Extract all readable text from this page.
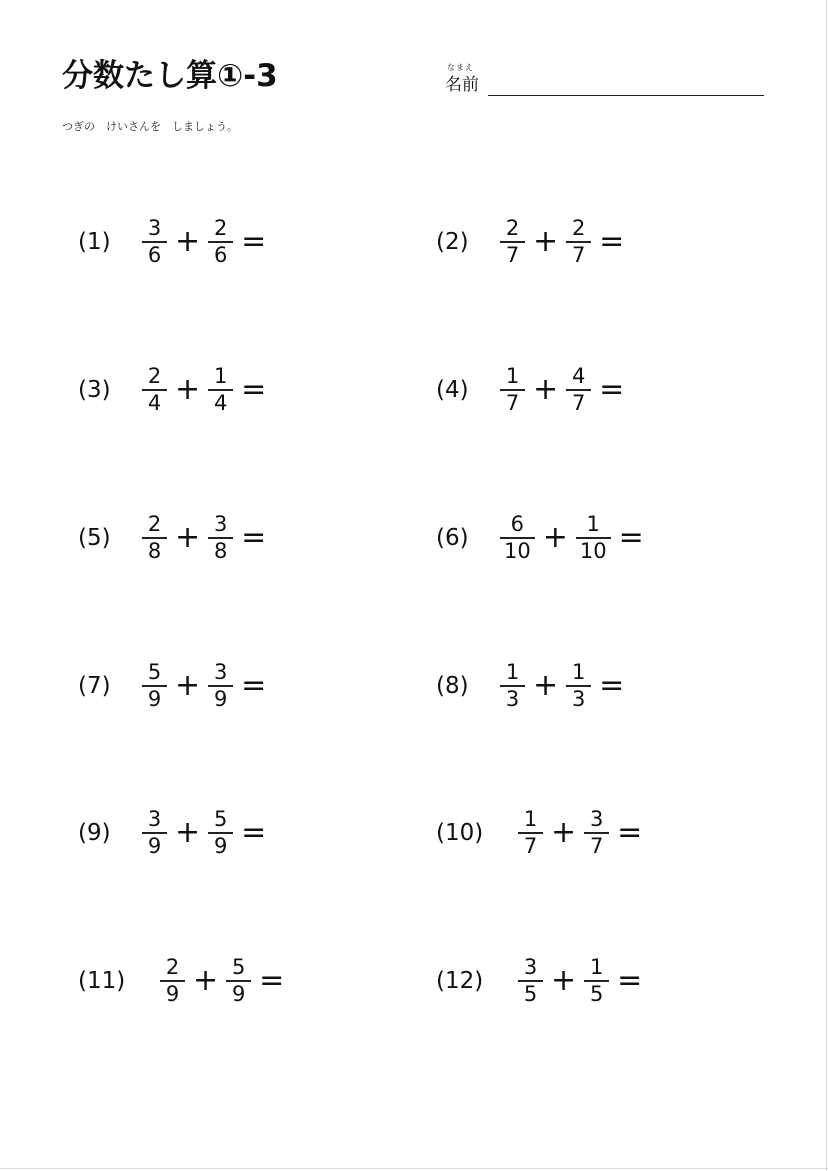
分数たし算①-3	なまえ
名前
つぎの　けいさんを　しましょう。
(1)	$\frac{3}{6} + \frac{2}{6}$ =	(2)	$\frac{2}{7} + \frac{2}{7}$ =
(3)	$\frac{2}{4} + \frac{1}{4}$ =	(4)	$\frac{1}{7} + \frac{4}{7}$ =
(5)	$\frac{2}{8} + \frac{3}{8}$ =	(6)	$\frac{6}{10} + \frac{1}{10}$ =
(7)	$\frac{5}{9} + \frac{3}{9}$ =	(8)	$\frac{1}{3} + \frac{1}{3}$ =
(9)	$\frac{3}{9} + \frac{5}{9}$ =	(10)	$\frac{1}{7} + \frac{3}{7}$ =
(11)	$\frac{2}{9} + \frac{5}{9}$ =	(12)	$\frac{3}{5} + \frac{1}{5}$ =
